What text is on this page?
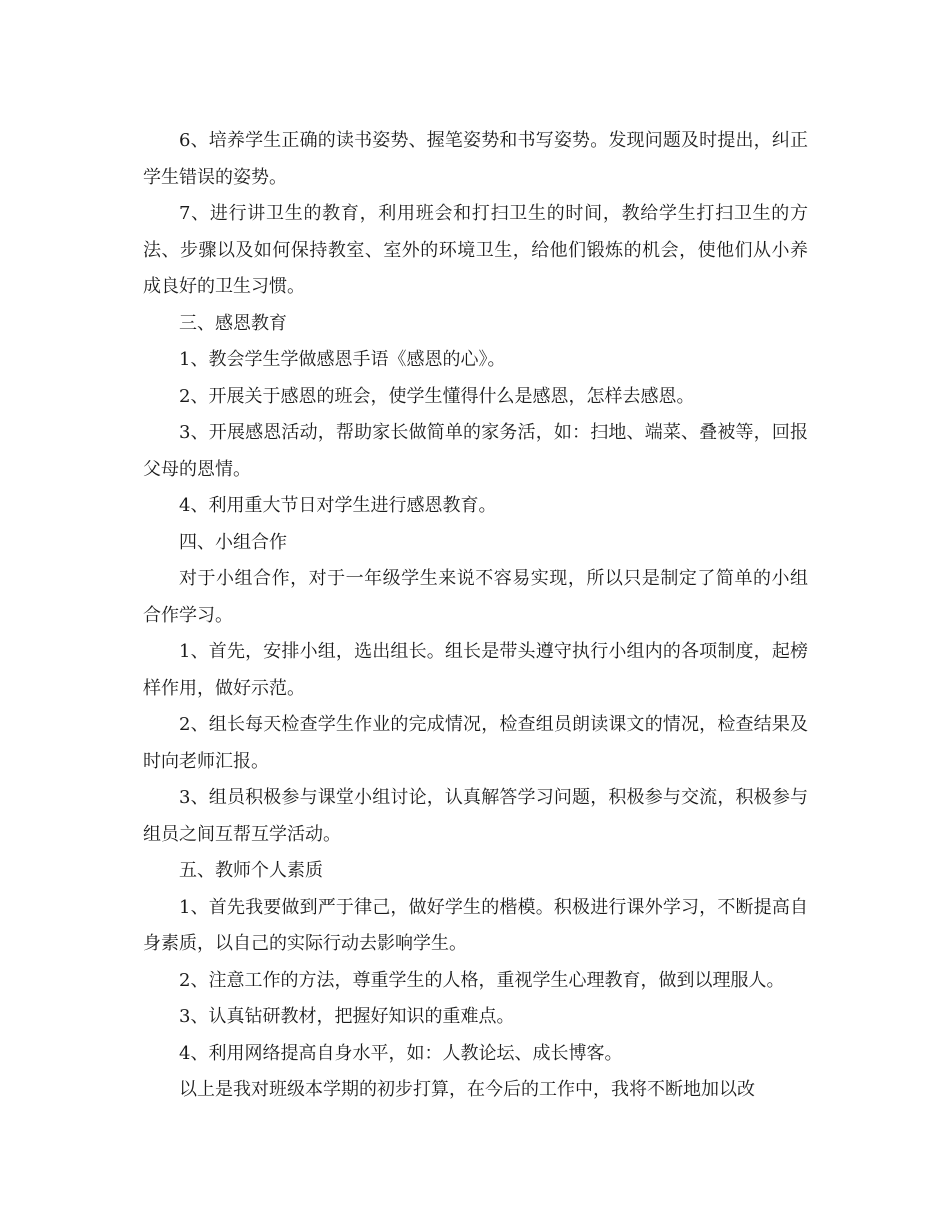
6、培养学生正确的读书姿势、握笔姿势和书写姿势。发现问题及时提出，纠正学生错误的姿势。

7、进行讲卫生的教育，利用班会和打扫卫生的时间，教给学生打扫卫生的方法、步骤以及如何保持教室、室外的环境卫生，给他们锻炼的机会，使他们从小养成良好的卫生习惯。

三、感恩教育

1、教会学生学做感恩手语《感恩的心》。

2、开展关于感恩的班会，使学生懂得什么是感恩，怎样去感恩。

3、开展感恩活动，帮助家长做简单的家务活，如：扫地、端菜、叠被等，回报父母的恩情。

4、利用重大节日对学生进行感恩教育。

四、小组合作

对于小组合作，对于一年级学生来说不容易实现，所以只是制定了简单的小组合作学习。

1、首先，安排小组，选出组长。组长是带头遵守执行小组内的各项制度，起榜样作用，做好示范。

2、组长每天检查学生作业的完成情况，检查组员朗读课文的情况，检查结果及时向老师汇报。

3、组员积极参与课堂小组讨论，认真解答学习问题，积极参与交流，积极参与组员之间互帮互学活动。

五、教师个人素质

1、首先我要做到严于律己，做好学生的楷模。积极进行课外学习，不断提高自身素质，以自己的实际行动去影响学生。

2、注意工作的方法，尊重学生的人格，重视学生心理教育，做到以理服人。

3、认真钻研教材，把握好知识的重难点。

4、利用网络提高自身水平，如：人教论坛、成长博客。

以上是我对班级本学期的初步打算，在今后的工作中，我将不断地加以改
